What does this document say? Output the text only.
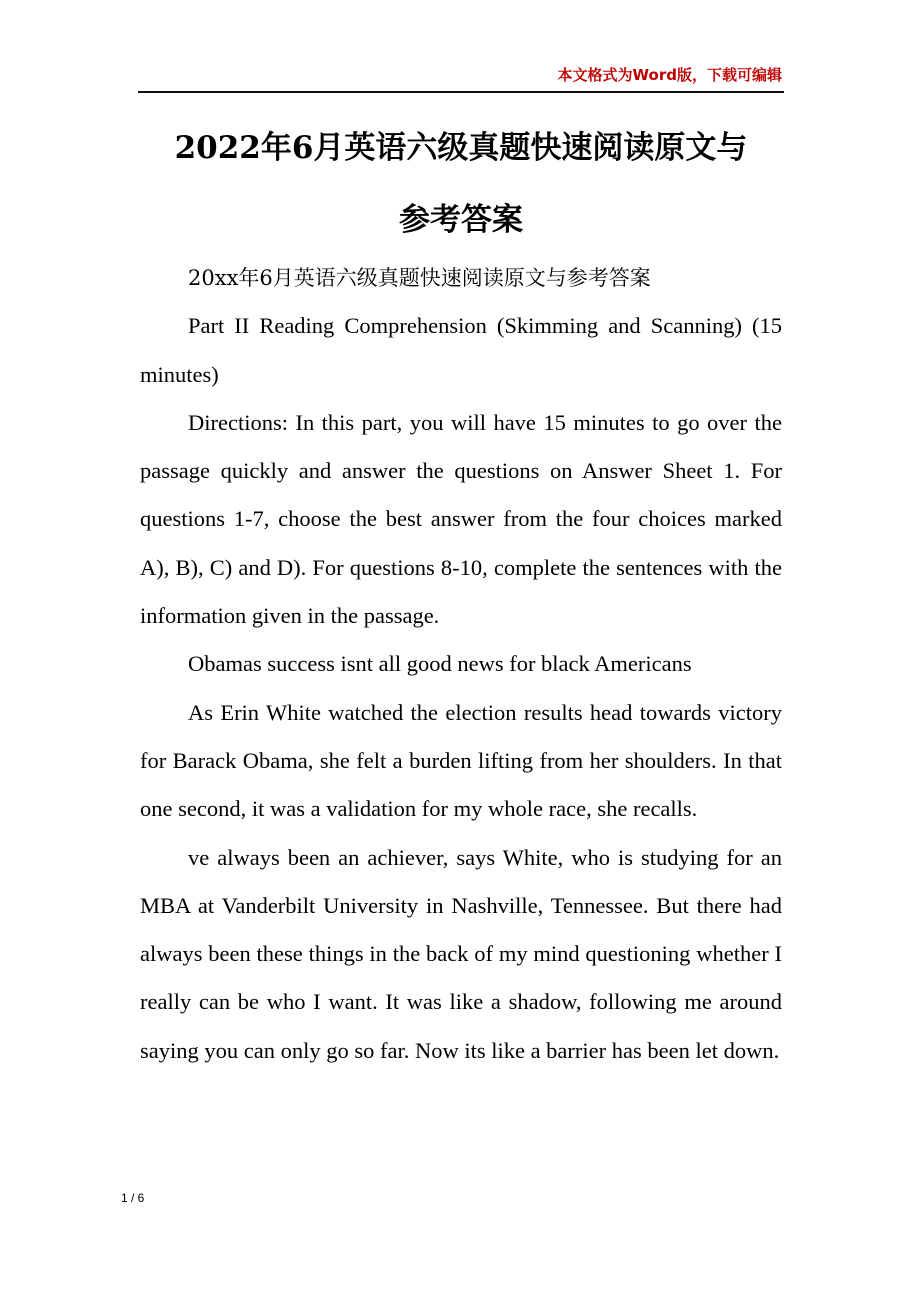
本文格式为Word版，下载可编辑
2022年6月英语六级真题快速阅读原文与
参考答案

20xx年6月英语六级真题快速阅读原文与参考答案

Part II Reading Comprehension (Skimming and Scanning) (15 minutes)

Directions: In this part, you will have 15 minutes to go over the passage quickly and answer the questions on Answer Sheet 1. For questions 1-7, choose the best answer from the four choices marked A), B), C) and D). For questions 8-10, complete the sentences with the information given in the passage.

Obamas success isnt all good news for black Americans

As Erin White watched the election results head towards victory for Barack Obama, she felt a burden lifting from her shoulders. In that one second, it was a validation for my whole race, she recalls.

ve always been an achiever, says White, who is studying for an MBA at Vanderbilt University in Nashville, Tennessee. But there had always been these things in the back of my mind questioning whether I really can be who I want. It was like a shadow, following me around saying you can only go so far. Now its like a barrier has been let down.

1 / 6
